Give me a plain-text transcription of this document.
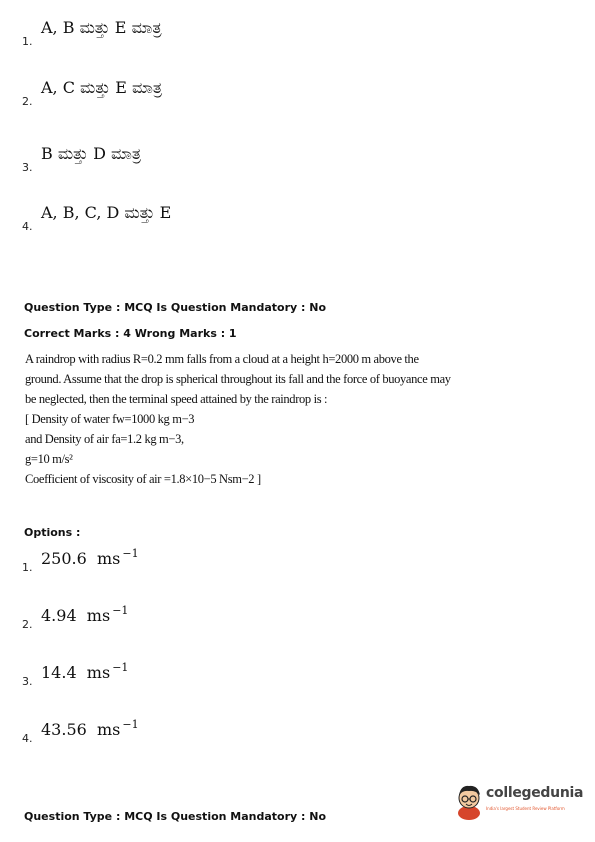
1.
A, B ಮತ್ತು E ಮಾತ್ರ
2.
A, C ಮತ್ತು E ಮಾತ್ರ
3.
B ಮತ್ತು D ಮಾತ್ರ
4.
A, B, C, D ಮತ್ತು E
Question Type : MCQ Is Question Mandatory : No
Correct Marks : 4 Wrong Marks : 1
A raindrop with radius R=0.2 mm falls from a cloud at a height h=2000 m above the
ground. Assume that the drop is spherical throughout its fall and the force of buoyance may
be neglected, then the terminal speed attained by the raindrop is :
[ Density of water fw=1000 kg m−3
and Density of air fa=1.2 kg m−3,
g=10 m/s²
Coefficient of viscosity of air =1.8×10−5 Nsm−2 ]
Options :
1. 250.6 ms $^{-1}$
2. 4.94 ms $^{-1}$
3. 14.4 ms $^{-1}$
4. 43.56 ms $^{-1}$
Question Type : MCQ Is Question Mandatory : No
collegedunia
India's largest Student Review Platform
